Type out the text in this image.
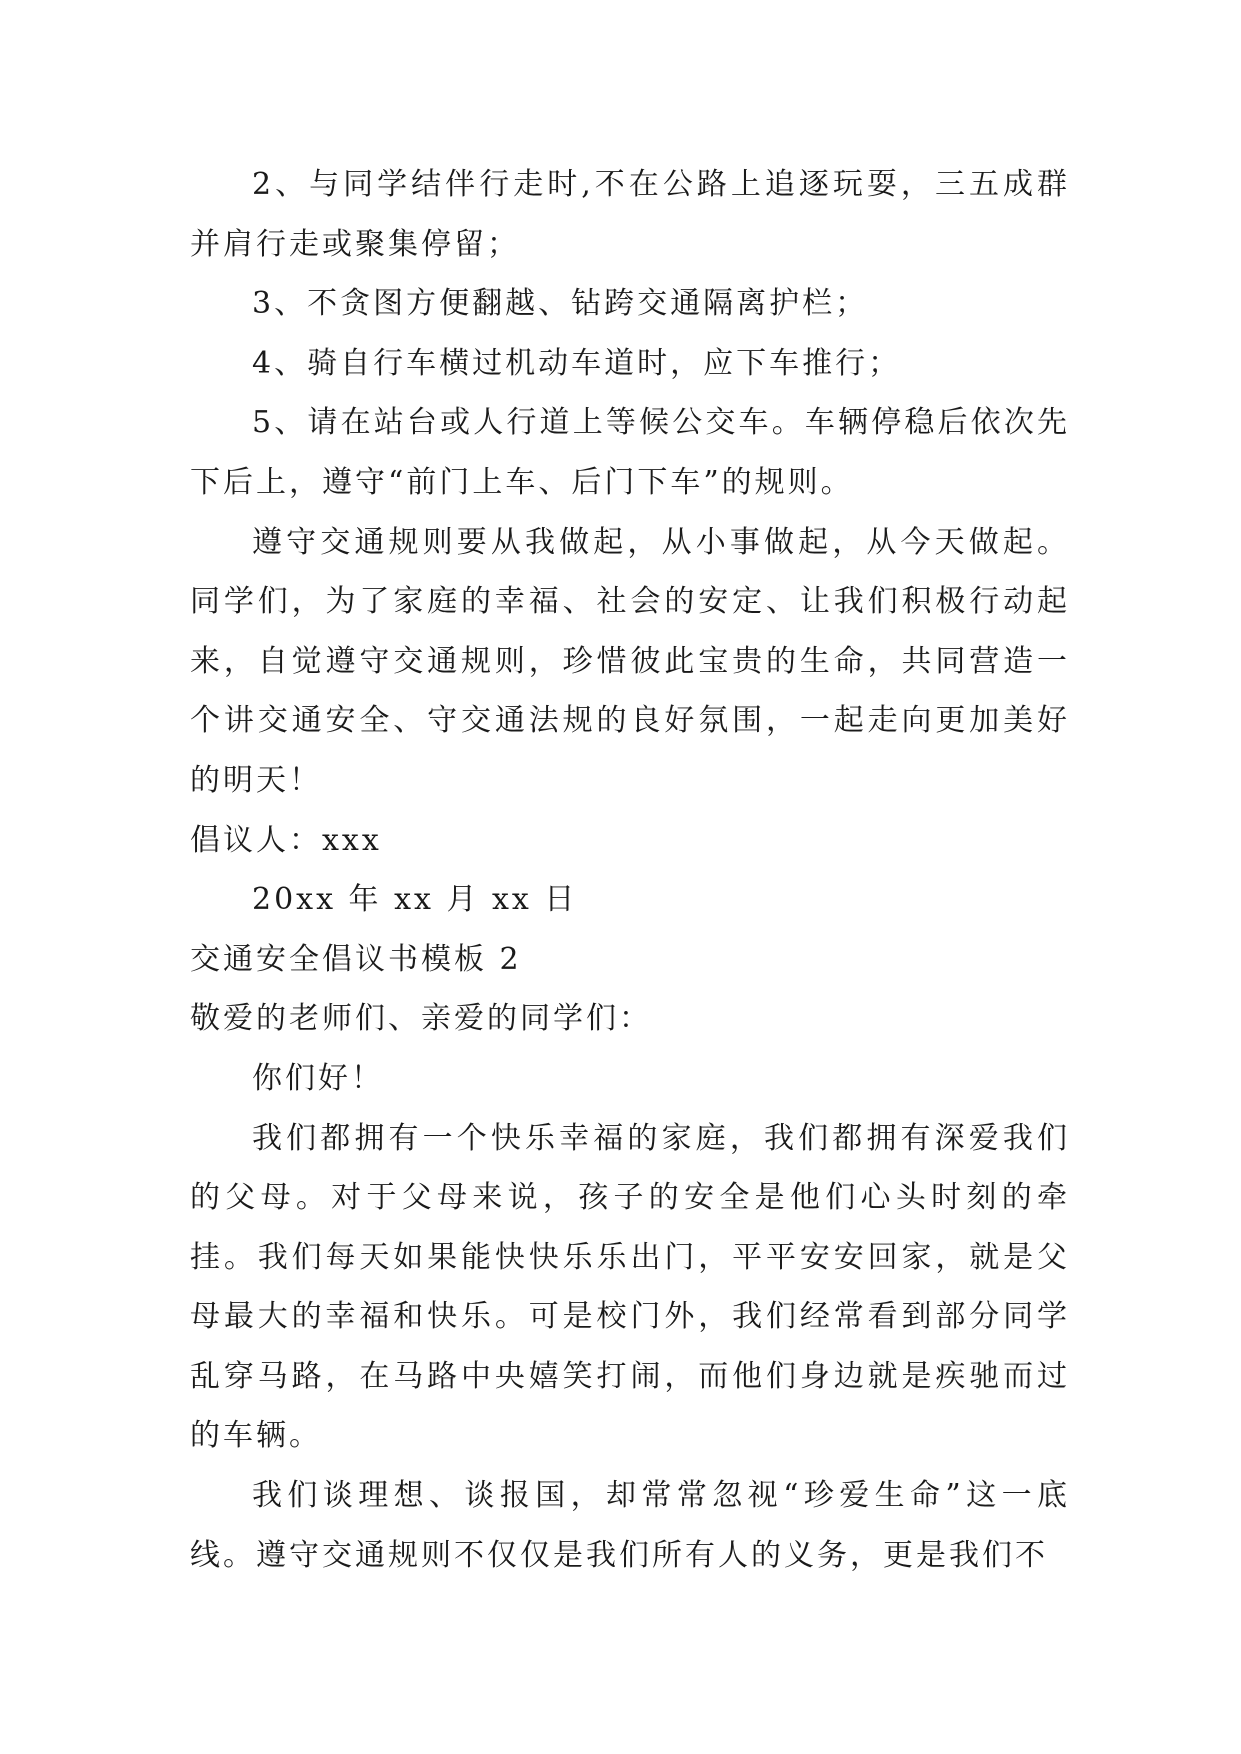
2、与同学结伴行走时,不在公路上追逐玩耍，三五成群并肩行走或聚集停留；

3、不贪图方便翻越、钻跨交通隔离护栏；

4、骑自行车横过机动车道时，应下车推行；

5、请在站台或人行道上等候公交车。车辆停稳后依次先下后上，遵守“前门上车、后门下车”的规则。

遵守交通规则要从我做起，从小事做起，从今天做起。同学们，为了家庭的幸福、社会的安定、让我们积极行动起来，自觉遵守交通规则，珍惜彼此宝贵的生命，共同营造一个讲交通安全、守交通法规的良好氛围，一起走向更加美好的明天！

倡议人：xxx

20xx 年 xx 月 xx 日

交通安全倡议书模板 2

敬爱的老师们、亲爱的同学们：

你们好！

我们都拥有一个快乐幸福的家庭，我们都拥有深爱我们的父母。对于父母来说，孩子的安全是他们心头时刻的牵挂。我们每天如果能快快乐乐出门，平平安安回家，就是父母最大的幸福和快乐。可是校门外，我们经常看到部分同学乱穿马路，在马路中央嬉笑打闹，而他们身边就是疾驰而过的车辆。

我们谈理想、谈报国，却常常忽视“珍爱生命”这一底线。遵守交通规则不仅仅是我们所有人的义务，更是我们不
